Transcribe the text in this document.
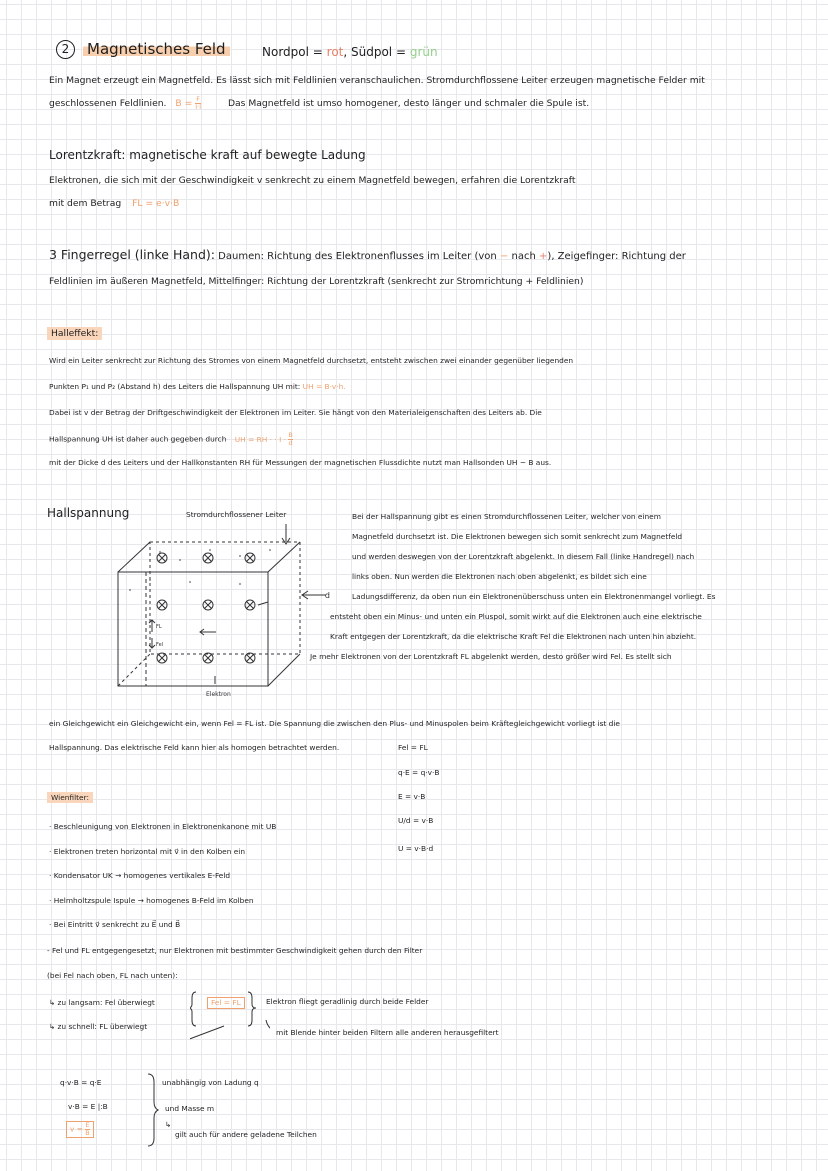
2 Magnetisches Feld	Nordpol = rot, Südpol = grün
Ein Magnet erzeugt ein Magnetfeld. Es lässt sich mit Feldlinien veranschaulichen. Stromdurchflossene Leiter erzeugen magnetische Felder mit
geschlossenen Feldlinien. $B = \frac{F}{I\cdot l}$	Das Magnetfeld ist umso homogener, desto länger und schmaler die Spule ist.
Lorentzkraft: magnetische kraft auf bewegte Ladung
Elektronen, die sich mit der Geschwindigkeit v senkrecht zu einem Magnetfeld bewegen, erfahren die Lorentzkraft
mit dem Betrag FL = e·v·B
3 Fingerregel (linke Hand): Daumen: Richtung des Elektronenflusses im Leiter (von − nach +), Zeigefinger: Richtung der
Feldlinien im äußeren Magnetfeld, Mittelfinger: Richtung der Lorentzkraft (senkrecht zur Stromrichtung + Feldlinien)
Halleffekt:
Wird ein Leiter senkrecht zur Richtung des Stromes von einem Magnetfeld durchsetzt, entsteht zwischen zwei einander gegenüber liegenden
Punkten P₁ und P₂ (Abstand h) des Leiters die Hallspannung UH mit: UH = B·v·h.
Dabei ist v der Betrag der Driftgeschwindigkeit der Elektronen im Leiter. Sie hängt von den Materialeigenschaften des Leiters ab. Die
Hallspannung UH ist daher auch gegeben durch UH = RH · · $I \cdot \frac{B}{d}$
mit der Dicke d des Leiters und der Hallkonstanten RH für Messungen der magnetischen Flussdichte nutzt man Hallsonden UH ~ B aus.
Hallspannung	Stromdurchflossener Leiter
FL
Fel
Elektron
d
Bei der Hallspannung gibt es einen Stromdurchflossenen Leiter, welcher von einem
Magnetfeld durchsetzt ist. Die Elektronen bewegen sich somit senkrecht zum Magnetfeld
und werden deswegen von der Lorentzkraft abgelenkt. In diesem Fall (linke Handregel) nach
links oben. Nun werden die Elektronen nach oben abgelenkt, es bildet sich eine
Ladungsdifferenz, da oben nun ein Elektronenüberschuss unten ein Elektronenmangel vorliegt. Es
entsteht oben ein Minus- und unten ein Pluspol, somit wirkt auf die Elektronen auch eine elektrische
Kraft entgegen der Lorentzkraft, da die elektrische Kraft Fel die Elektronen nach unten hin abzieht.
Je mehr Elektronen von der Lorentzkraft FL abgelenkt werden, desto größer wird Fel. Es stellt sich
ein Gleichgewicht ein Gleichgewicht ein, wenn Fel = FL ist. Die Spannung die zwischen den Plus- und Minuspolen beim Kräftegleichgewicht vorliegt ist die
Hallspannung. Das elektrische Feld kann hier als homogen betrachtet werden.	Fel = FL
q·E = q·v·B
E = v·B
U/d = v·B
U = v·B·d
Wienfilter:
· Beschleunigung von Elektronen in Elektronenkanone mit UB
· Elektronen treten horizontal mit v⃗ in den Kolben ein
· Kondensator UK → homogenes vertikales E-Feld
· Helmholtzspule Ispule → homogenes B-Feld im Kolben
· Bei Eintritt v⃗ senkrecht zu E⃗ und B⃗
- Fel und FL entgegengesetzt, nur Elektronen mit bestimmter Geschwindigkeit gehen durch den Filter
(bei Fel nach oben, FL nach unten):
↳ zu langsam: Fel überwiegt
↳ zu schnell: FL überwiegt
Fel = FL	Elektron fliegt geradlinig durch beide Felder
mit Blende hinter beiden Filtern alle anderen herausgefiltert
q·v·B = q·E
v·B = E |:B
$v = \frac{E}{B}$
unabhängig von Ladung q
und Masse m
↳
gilt auch für andere geladene Teilchen
